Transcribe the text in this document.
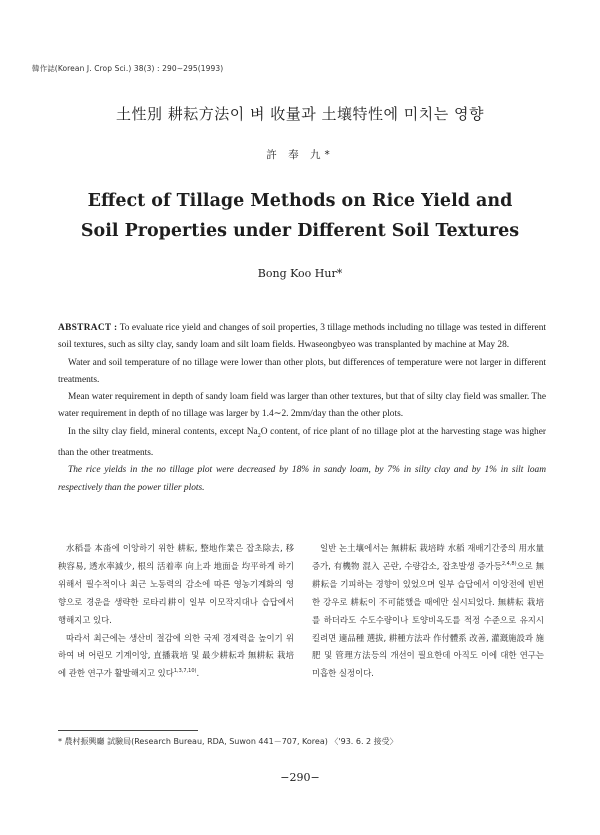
韓作誌(Korean J. Crop Sci.) 38(3) : 290∼295(1993)
土性別 耕耘方法이 벼 收量과 土壤特性에 미치는 영향
許 奉 九*
Effect of Tillage Methods on Rice Yield and
Soil Properties under Different Soil Textures
Bong Koo Hur*

ABSTRACT : To evaluate rice yield and changes of soil properties, 3 tillage methods including no tillage was tested in different soil textures, such as silty clay, sandy loam and silt loam fields. Hwaseongbyeo was transplanted by machine at May 28.

Water and soil temperature of no tillage were lower than other plots, but differences of temperature were not larger in different treatments.

Mean water requirement in depth of sandy loam field was larger than other textures, but that of silty clay field was smaller. The water requirement in depth of no tillage was larger by 1.4∼2. 2mm/day than the other plots.

In the silty clay field, mineral contents, except $Na_2O$ content, of rice plant of no tillage plot at the harvesting stage was higher than the other treatments.

The rice yields in the no tillage plot were decreased by 18% in sandy loam, by 7% in silty clay and by 1% in silt loam respectively than the power tiller plots.

水稻를 本畓에 이앙하기 위한 耕耘, 整地作業은 잡초除去, 移秧容易, 透水率減少, 根의 活着率 向上과 地面을 均平하게 하기 위해서 필수적이나 최근 노동력의 감소에 따른 영농기계화의 영향으로 경운을 생략한 로타리耕이 일부 이모작지대나 습답에서 행해지고 있다.

따라서 최근에는 생산비 절감에 의한 국제 경제력을 높이기 위하여 벼 어린모 기계이앙, 直播栽培 및 最少耕耘과 無耕耘 栽培에 관한 연구가 활발해지고 있다$^{1,3,7,10)}$.

일반 논土壤에서는 無耕耘 栽培時 水稻 재배기간중의 用水量 증가, 有機物 混入 곤란, 수량감소, 잡초발생 증가등$^{2,4,8)}$으로 無耕耘을 기피하는 경향이 있었으며 일부 습답에서 이앙전에 빈번한 강우로 耕耘이 不可能했을 때에만 실시되었다. 無耕耘 栽培를 하더라도 수도수량이나 토양비옥도를 적정 수준으로 유지시킬려면 適品種 選拔, 耕種方法과 作付體系 改善, 灌漑施設과 施肥 및 管理方法등의 개선이 필요한데 아직도 이에 대한 연구는 미흡한 실정이다.

* 農村振興廳 試驗局(Research Bureau, RDA, Suwon 441－707, Korea) 〈'93. 6. 2 接受〉
−290−
